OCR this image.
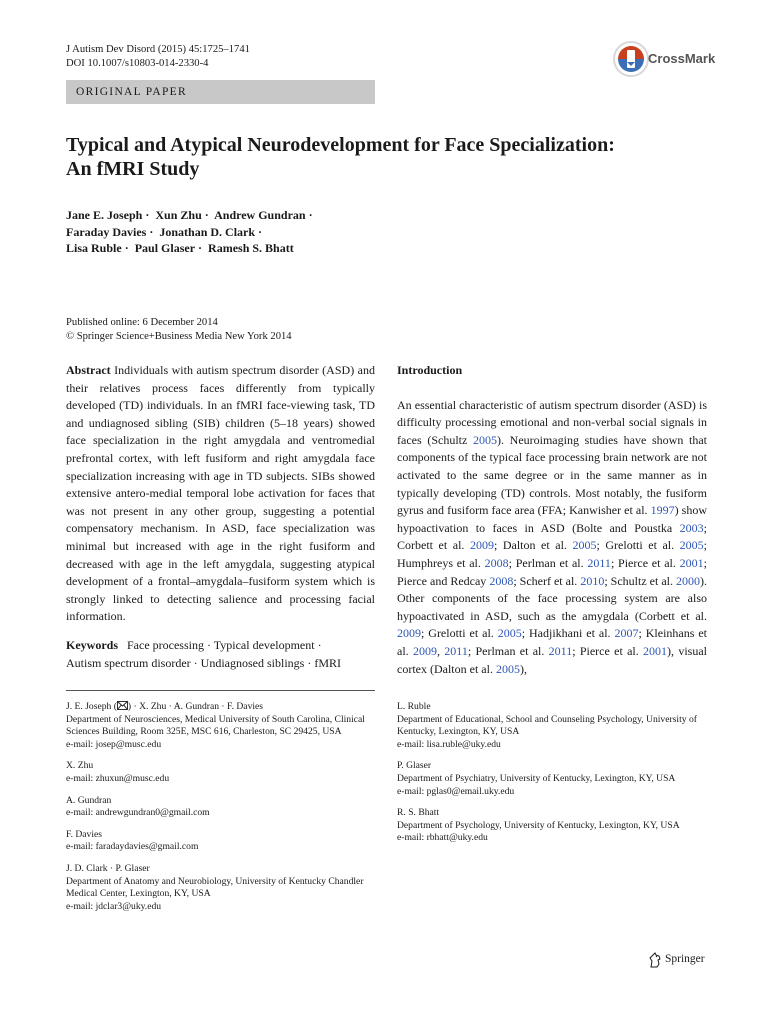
J Autism Dev Disord (2015) 45:1725–1741
DOI 10.1007/s10803-014-2330-4	CrossMark
ORIGINAL PAPER
Typical and Atypical Neurodevelopment for Face Specialization:
An fMRI Study
Jane E. Joseph · Xun Zhu · Andrew Gundran ·
Faraday Davies · Jonathan D. Clark ·
Lisa Ruble · Paul Glaser · Ramesh S. Bhatt
Published online: 6 December 2014
© Springer Science+Business Media New York 2014

Abstract Individuals with autism spectrum disorder (ASD) and their relatives process faces differently from typically developed (TD) individuals. In an fMRI face-viewing task, TD and undiagnosed sibling (SIB) children (5–18 years) showed face specialization in the right amygdala and ventromedial prefrontal cortex, with left fusiform and right amygdala face specialization increasing with age in TD subjects. SIBs showed extensive antero-medial temporal lobe activation for faces that was not present in any other group, suggesting a potential compensatory mechanism. In ASD, face specialization was minimal but increased with age in the right fusiform and decreased with age in the left amygdala, suggesting atypical development of a frontal–amygdala–fusiform system which is strongly linked to detecting salience and processing facial information.

Keywords Face processing · Typical development ·
Autism spectrum disorder · Undiagnosed siblings · fMRI

Introduction

An essential characteristic of autism spectrum disorder (ASD) is difficulty processing emotional and non-verbal social signals in faces (Schultz 2005). Neuroimaging studies have shown that components of the typical face processing brain network are not activated to the same degree or in the same manner as in typically developing (TD) controls. Most notably, the fusiform gyrus and fusiform face area (FFA; Kanwisher et al. 1997) show hypoactivation to faces in ASD (Bolte and Poustka 2003; Corbett et al. 2009; Dalton et al. 2005; Grelotti et al. 2005; Humphreys et al. 2008; Perlman et al. 2011; Pierce et al. 2001; Pierce and Redcay 2008; Scherf et al. 2010; Schultz et al. 2000). Other components of the face processing system are also hypoactivated in ASD, such as the amygdala (Corbett et al. 2009; Grelotti et al. 2005; Hadjikhani et al. 2007; Kleinhans et al. 2009, 2011; Perlman et al. 2011; Pierce et al. 2001), visual cortex (Dalton et al. 2005),

J. E. Joseph ( ) · X. Zhu · A. Gundran · F. Davies
Department of Neurosciences, Medical University of South Carolina, Clinical Sciences Building, Room 325E, MSC 616, Charleston, SC 29425, USA
e-mail: josep@musc.edu
X. Zhu
e-mail: zhuxun@musc.edu
A. Gundran
e-mail: andrewgundran0@gmail.com
F. Davies
e-mail: faradaydavies@gmail.com
J. D. Clark · P. Glaser
Department of Anatomy and Neurobiology, University of Kentucky Chandler Medical Center, Lexington, KY, USA
e-mail: jdclar3@uky.edu
L. Ruble
Department of Educational, School and Counseling Psychology, University of Kentucky, Lexington, KY, USA
e-mail: lisa.ruble@uky.edu
P. Glaser
Department of Psychiatry, University of Kentucky, Lexington, KY, USA
e-mail: pglas0@email.uky.edu
R. S. Bhatt
Department of Psychology, University of Kentucky, Lexington, KY, USA
e-mail: rbhatt@uky.edu
Springer
